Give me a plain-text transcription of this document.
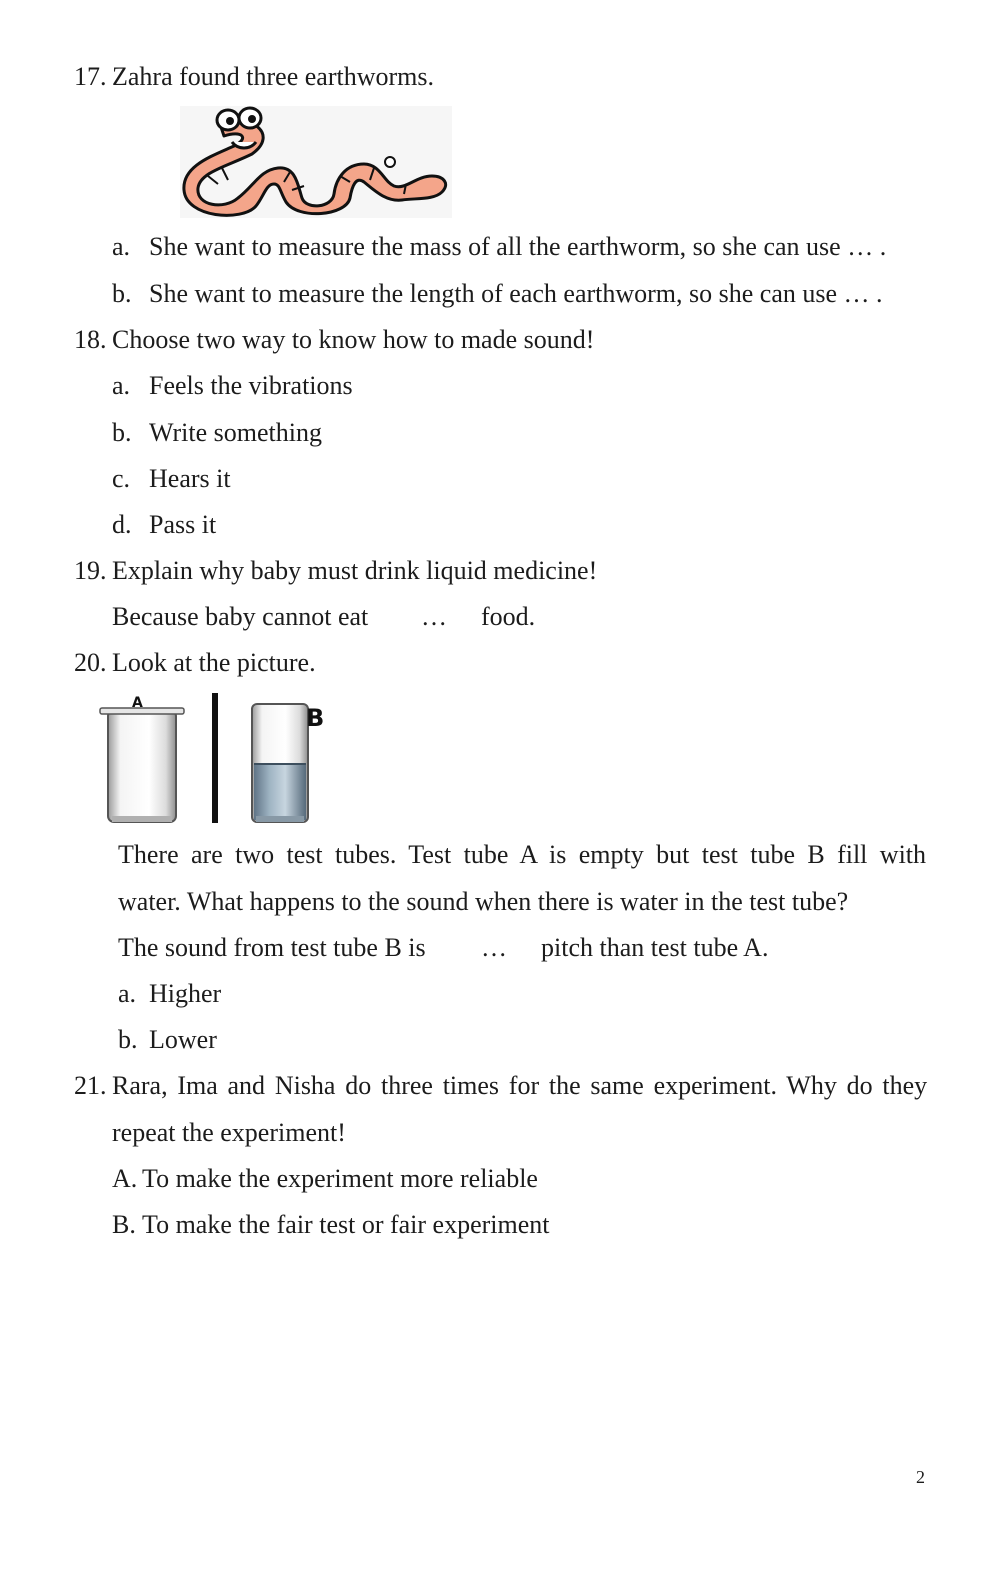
17. Zahra found three earthworms.
a. She want to measure the mass of all the earthworm, so she can use … .
b. She want to measure the length of each earthworm, so she can use … .
18. Choose two way to know how to made sound!
a. Feels the vibrations
b. Write something
c. Hears it
d. Pass it
19. Explain why baby must drink liquid medicine!
Because baby cannot eat … food.
20. Look at the picture.
A
B
There are two test tubes. Test tube A is empty but test tube B fill with
water. What happens to the sound when there is water in the test tube?
The sound from test tube B is … pitch than test tube A.
a. Higher
b. Lower
21. Rara, Ima and Nisha do three times for the same experiment. Why do they
repeat the experiment!
A. To make the experiment more reliable
B. To make the fair test or fair experiment
2
